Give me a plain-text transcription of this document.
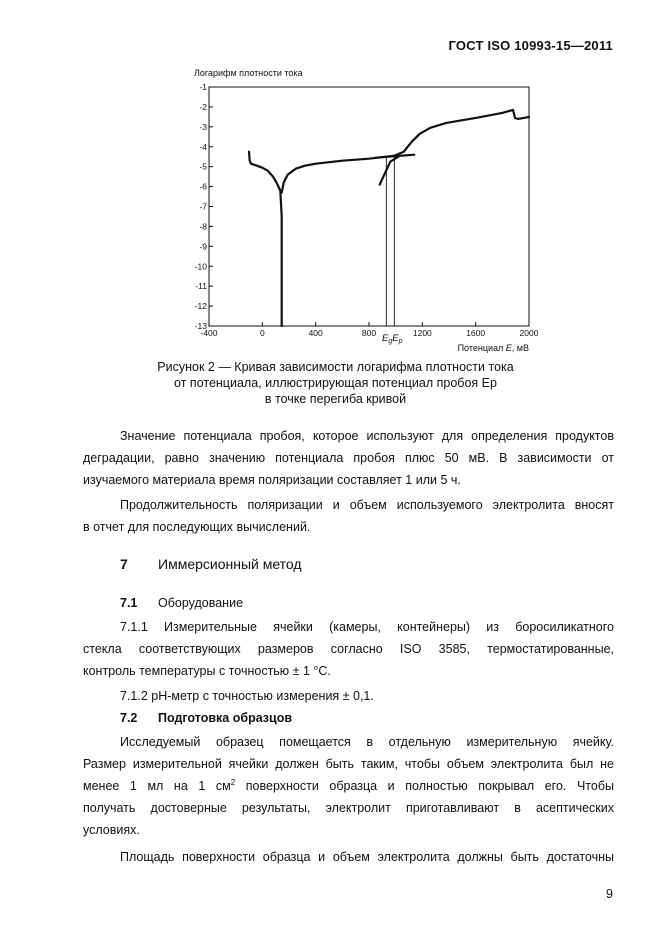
ГОСТ ISO 10993-15—2011
Логарифм плотности тока
-1
-2
-3
-4
-5
-6
-7
-8
-9
-10
-11
-12
-13
-400	0	400	800	1200	1600	2000
Потенциал E, мВ
$E_gE_p$
Рисунок 2 — Кривая зависимости логарифма плотности тока
от потенциала, иллюстрирующая потенциал пробоя Ер
в точке перегиба кривой
Значение потенциала пробоя, которое используют для определения продуктов
деградации, равно значению потенциала пробоя плюс 50 мВ. В зависимости от
изучаемого материала время поляризации составляет 1 или 5 ч.
Продолжительность поляризации и объем используемого электролита вносят
в отчет для последующих вычислений.
7 Иммерсионный метод
7.1 Оборудование
7.1.1 Измерительные ячейки (камеры, контейнеры) из боросиликатного
стекла соответствующих размеров согласно ISO 3585, термостатированные,
контроль температуры с точностью ± 1 °C.
7.1.2 pH-метр с точностью измерения ± 0,1.
7.2 Подготовка образцов
Исследуемый образец помещается в отдельную измерительную ячейку.
Размер измерительной ячейки должен быть таким, чтобы объем электролита был не
менее 1 мл на 1 $см^2$ поверхности образца и полностью покрывал его. Чтобы
получать достоверные результаты, электролит приготавливают в асептических
условиях.
Площадь поверхности образца и объем электролита должны быть достаточны
9
